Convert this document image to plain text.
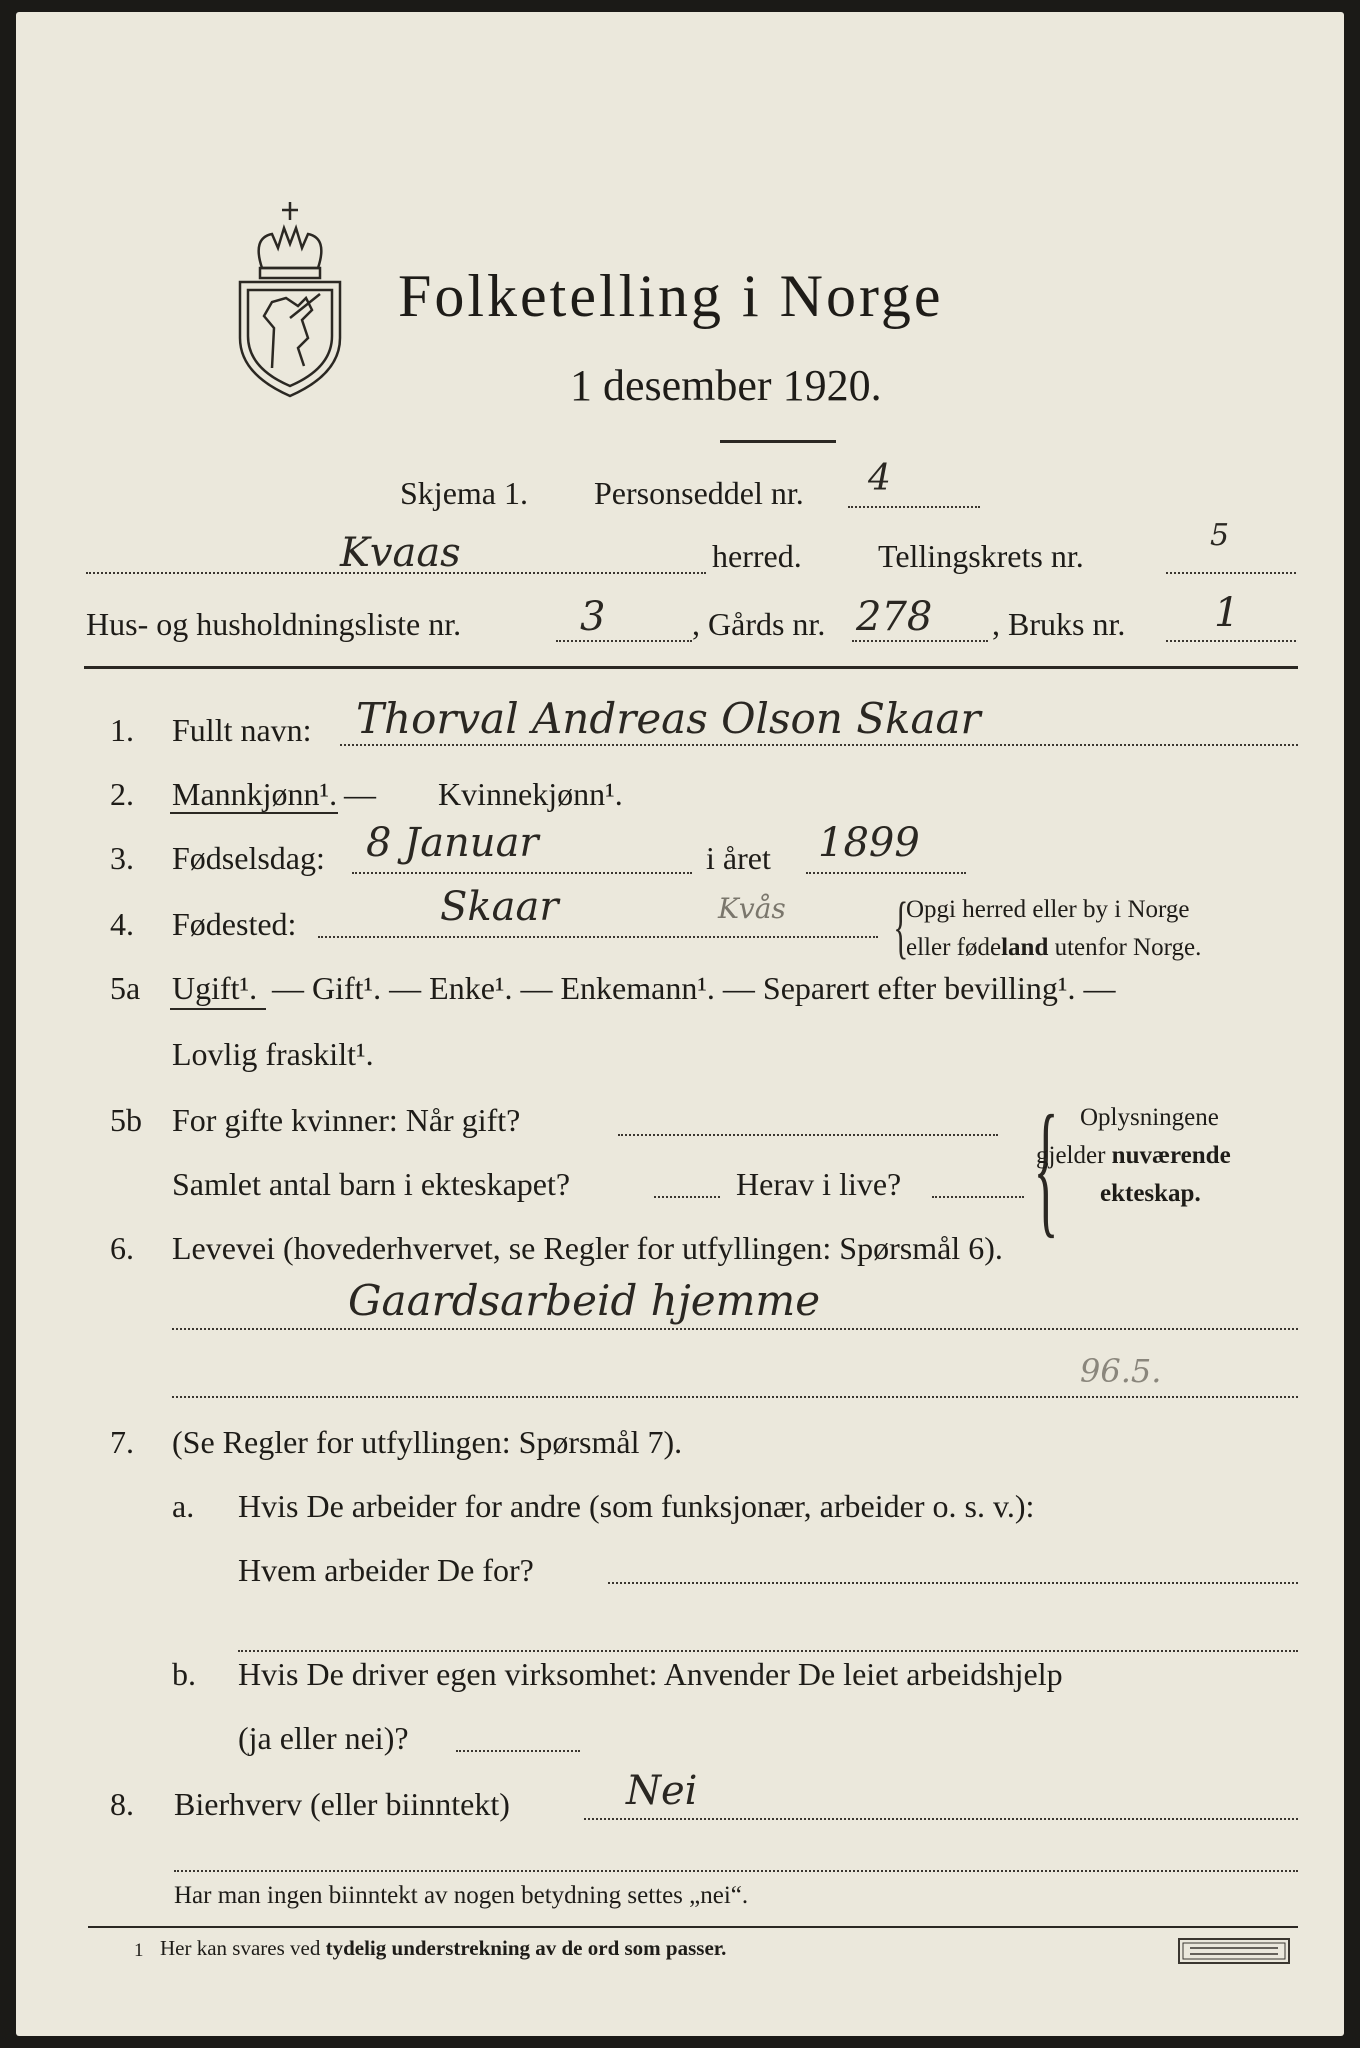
Folketelling i Norge
1 desember 1920.
Skjema 1. Personseddel nr. 4
Kvaas	herred. Tellingskrets nr.
5
Hus- og husholdningsliste nr.	3	, Gårds nr. 278 , Bruks nr. 1
1. Fullt navn: Thorval Andreas Olson Skaar
2. Mannkjønn¹. — Kvinnekjønn¹.
3. Fødselsdag: 8 Januar	i året 1899
4. Fødested:	Skaar	Kvås {
Opgi herred eller by i Norge
eller fødeland utenfor Norge.
5a Ugift¹. — Gift¹. — Enke¹. — Enkemann¹. — Separert efter bevilling¹. —
Lovlig fraskilt¹.
5b For gifte kvinner: Når gift?
Samlet antal barn i ekteskapet?	Herav i live? { Oplysningene
gjelder nuværende
ekteskap.
6. Levevei (hovederhvervet, se Regler for utfyllingen: Spørsmål 6).
Gaardsarbeid hjemme
96.5.
7. (Se Regler for utfyllingen: Spørsmål 7).
a. Hvis De arbeider for andre (som funksjonær, arbeider o. s. v.):
Hvem arbeider De for?
b. Hvis De driver egen virksomhet: Anvender De leiet arbeidshjelp
(ja eller nei)?
8. Bierhverv (eller biinntekt)	Nei
Har man ingen biinntekt av nogen betydning settes „nei“.
1 Her kan svares ved tydelig understrekning av de ord som passer.
